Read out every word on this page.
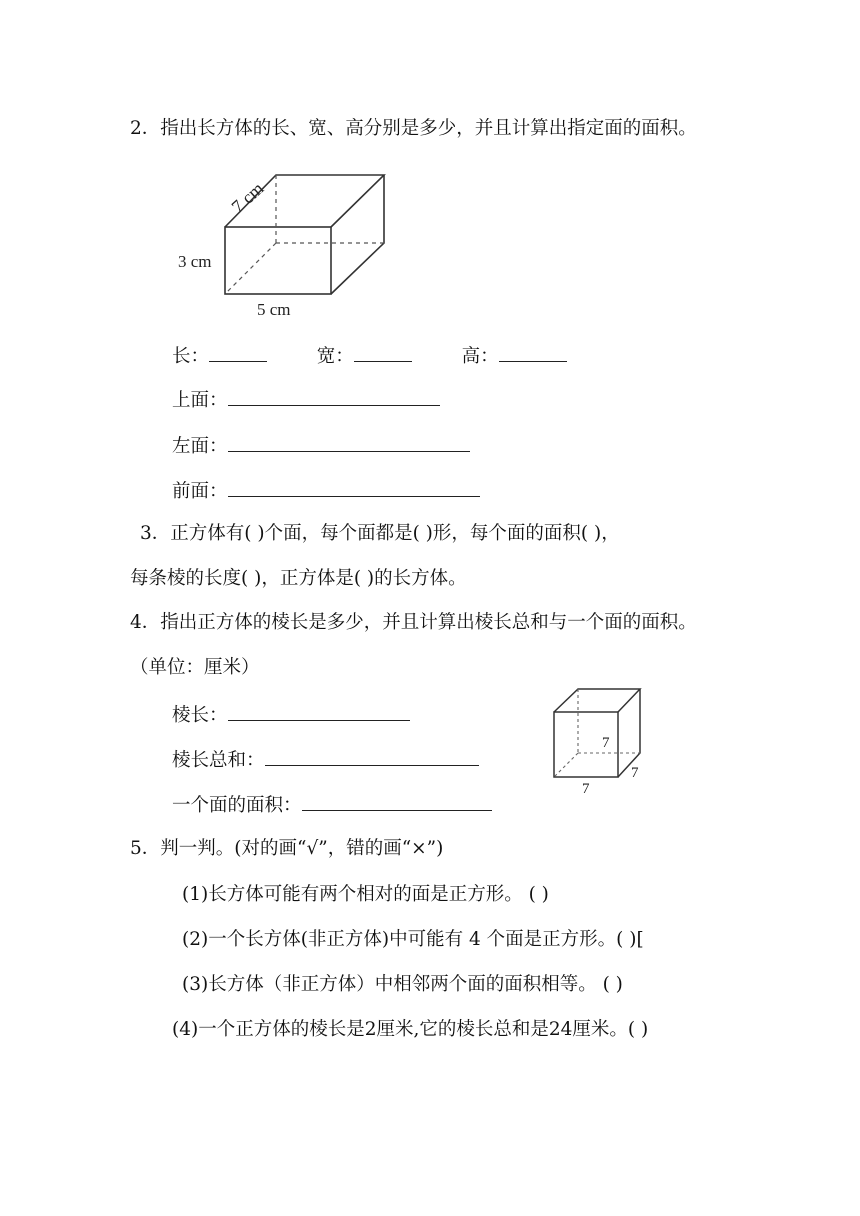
2．指出长方体的长、宽、高分别是多少，并且计算出指定面的面积。
7 cm
3 cm
5 cm
长：	宽：	高：
上面：
左面：
前面：
3．正方体有( )个面，每个面都是( )形，每个面的面积( )，
每条棱的长度( )，正方体是( )的长方体。
4．指出正方体的棱长是多少，并且计算出棱长总和与一个面的面积。
（单位：厘米）
棱长：
棱长总和：
一个面的面积：
7
7
7
5．判一判。(对的画“√”，错的画“×”)
(1)长方体可能有两个相对的面是正方形。 ( )
(2)一个长方体(非正方体)中可能有 4 个面是正方形。( )[
(3)长方体（非正方体）中相邻两个面的面积相等。 ( )
(4)一个正方体的棱长是2厘米,它的棱长总和是24厘米。( )
